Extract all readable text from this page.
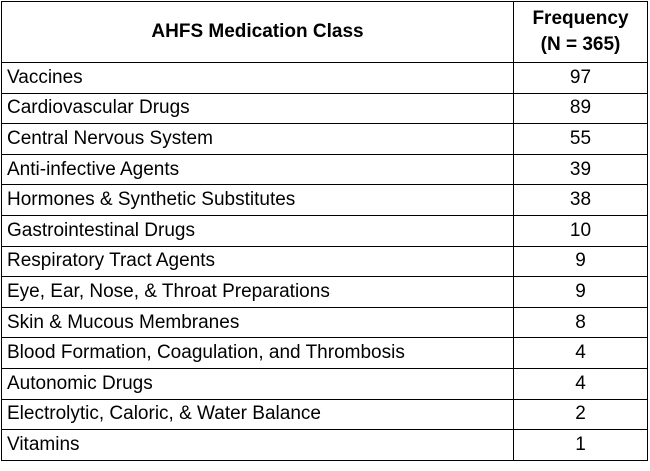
AHFS Medication Class	Frequency
(N = 365)

Vaccines	97
Cardiovascular Drugs	89
Central Nervous System	55
Anti-infective Agents	39
Hormones & Synthetic Substitutes	38
Gastrointestinal Drugs	10
Respiratory Tract Agents	9
Eye, Ear, Nose, & Throat Preparations	9
Skin & Mucous Membranes	8
Blood Formation, Coagulation, and Thrombosis	4
Autonomic Drugs	4
Electrolytic, Caloric, & Water Balance	2
Vitamins	1
